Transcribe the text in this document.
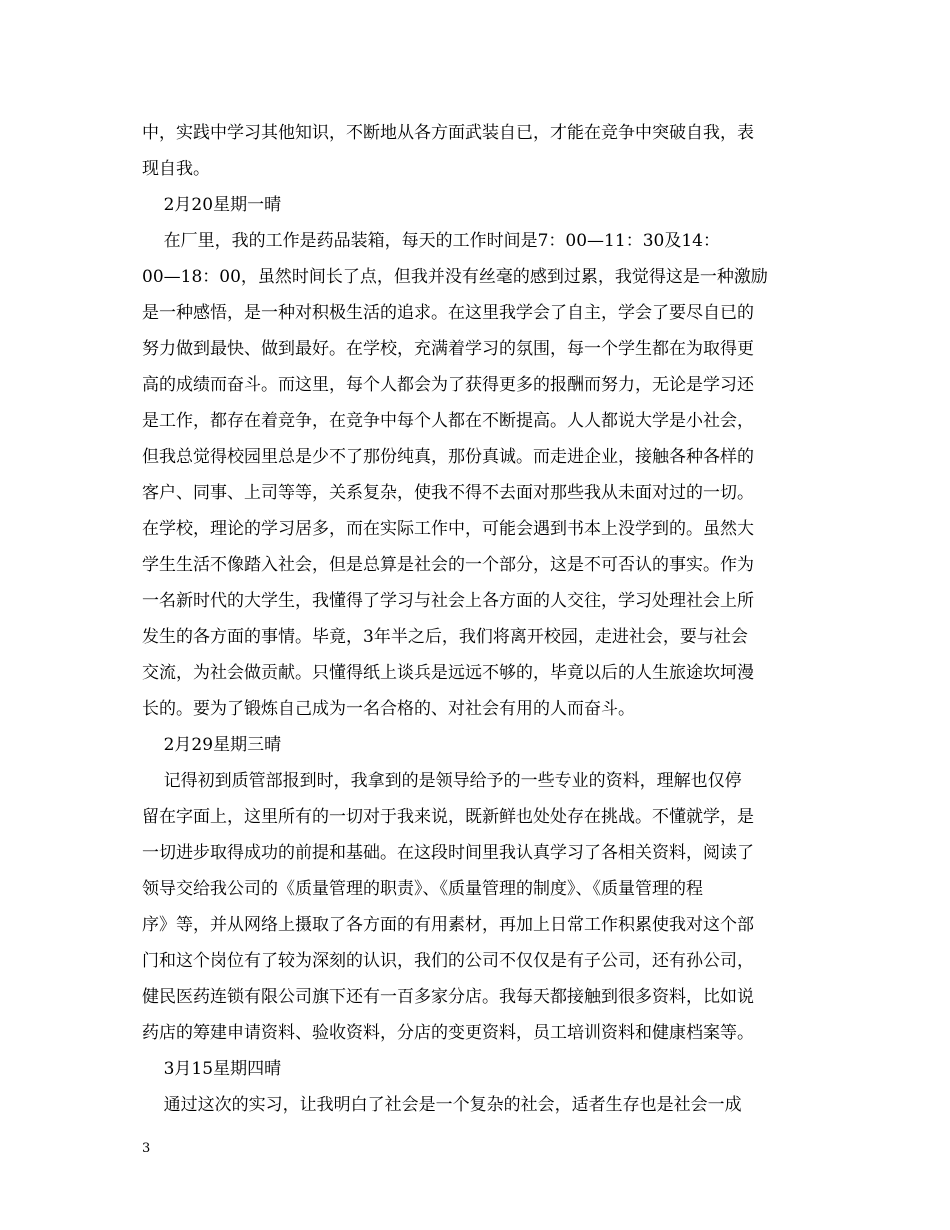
中，实践中学习其他知识，不断地从各方面武装自已，才能在竞争中突破自我，表
现自我。
2月20星期一晴
在厂里，我的工作是药品装箱，每天的工作时间是7：00—11：30及14：
00—18：00，虽然时间长了点，但我并没有丝毫的感到过累，我觉得这是一种激励
是一种感悟，是一种对积极生活的追求。在这里我学会了自主，学会了要尽自已的
努力做到最快、做到最好。在学校，充满着学习的氛围，每一个学生都在为取得更
高的成绩而奋斗。而这里，每个人都会为了获得更多的报酬而努力，无论是学习还
是工作，都存在着竞争，在竞争中每个人都在不断提高。人人都说大学是小社会，
但我总觉得校园里总是少不了那份纯真，那份真诚。而走进企业，接触各种各样的
客户、同事、上司等等，关系复杂，使我不得不去面对那些我从未面对过的一切。
在学校，理论的学习居多，而在实际工作中，可能会遇到书本上没学到的。虽然大
学生生活不像踏入社会，但是总算是社会的一个部分，这是不可否认的事实。作为
一名新时代的大学生，我懂得了学习与社会上各方面的人交往，学习处理社会上所
发生的各方面的事情。毕竟，3年半之后，我们将离开校园，走进社会，要与社会
交流，为社会做贡献。只懂得纸上谈兵是远远不够的，毕竟以后的人生旅途坎坷漫
长的。要为了锻炼自己成为一名合格的、对社会有用的人而奋斗。
2月29星期三晴
记得初到质管部报到时，我拿到的是领导给予的一些专业的资料，理解也仅停
留在字面上，这里所有的一切对于我来说，既新鲜也处处存在挑战。不懂就学，是
一切进步取得成功的前提和基础。在这段时间里我认真学习了各相关资料，阅读了
领导交给我公司的《质量管理的职责》、《质量管理的制度》、《质量管理的程
序》等，并从网络上摄取了各方面的有用素材，再加上日常工作积累使我对这个部
门和这个岗位有了较为深刻的认识，我们的公司不仅仅是有子公司，还有孙公司，
健民医药连锁有限公司旗下还有一百多家分店。我每天都接触到很多资料，比如说
药店的筹建申请资料、验收资料，分店的变更资料，员工培训资料和健康档案等。
3月15星期四晴
通过这次的实习，让我明白了社会是一个复杂的社会，适者生存也是社会一成
3
